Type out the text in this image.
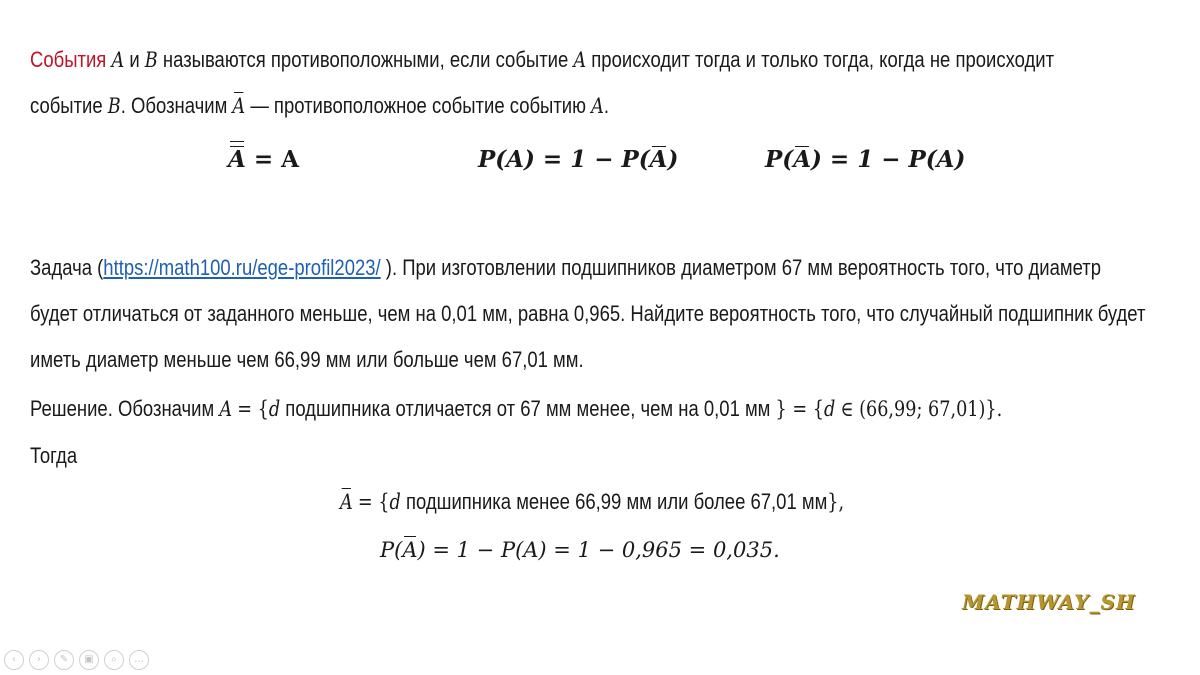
События A и B называются противоположными, если событие A происходит тогда и только тогда, когда не происходит
событие B. Обозначим A — противоположное событие событию A.
A = A	P(A) = 1 − P(A)	P(A) = 1 − P(A)
Задача (https://math100.ru/ege-profil2023/ ). При изготовлении подшипников диаметром 67 мм вероятность того, что диаметр
будет отличаться от заданного меньше, чем на 0,01 мм, равна 0,965. Найдите вероятность того, что случайный подшипник будет
иметь диаметр меньше чем 66,99 мм или больше чем 67,01 мм.
Решение. Обозначим A = {d подшипника отличается от 67 мм менее, чем на 0,01 мм } = {d ∈ (66,99; 67,01)}.
Тогда
A = {d подшипника менее 66,99 мм или более 67,01 мм},
P(A) = 1 − P(A) = 1 − 0,965 = 0,035.
MATHWAY_SH
‹	›	✎	▣	⌕	…
